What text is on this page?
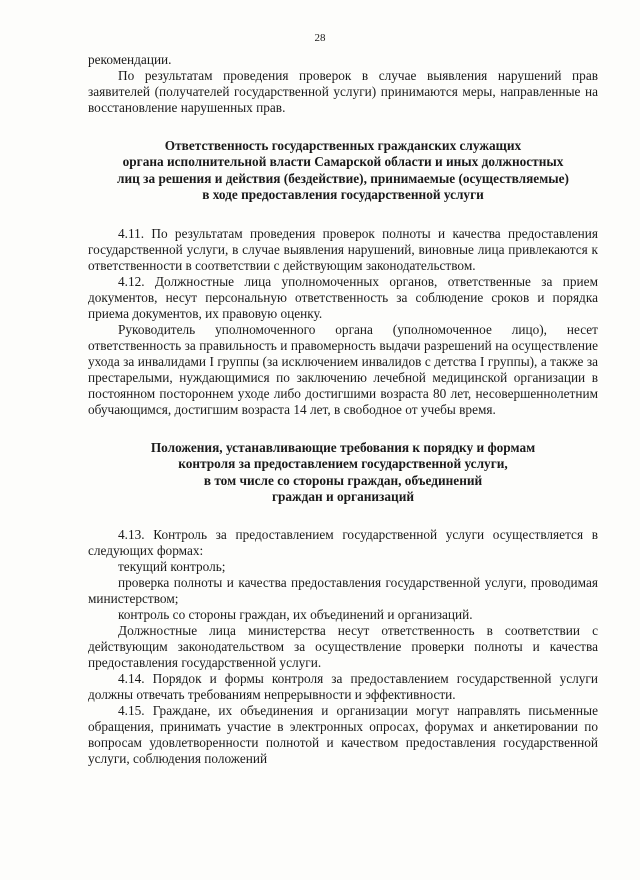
28

рекомендации.

По результатам проведения проверок в случае выявления нарушений прав заявителей (получателей государственной услуги) принимаются меры, направленные на восстановление нарушенных прав.

Ответственность государственных гражданских служащих
органа исполнительной власти Самарской области и иных должностных
лиц за решения и действия (бездействие), принимаемые (осуществляемые)
в ходе предоставления государственной услуги

4.11. По результатам проведения проверок полноты и качества предоставления государственной услуги, в случае выявления нарушений, виновные лица привлекаются к ответственности в соответствии с действующим законодательством.

4.12. Должностные лица уполномоченных органов, ответственные за прием документов, несут персональную ответственность за соблюдение сроков и порядка приема документов, их правовую оценку.

Руководитель уполномоченного органа (уполномоченное лицо), несет ответственность за правильность и правомерность выдачи разрешений на осуществление ухода за инвалидами I группы (за исключением инвалидов с детства I группы), а также за престарелыми, нуждающимися по заключению лечебной медицинской организации в постоянном постороннем уходе либо достигшими возраста 80 лет, несовершеннолетним обучающимся, достигшим возраста 14 лет, в свободное от учебы время.

Положения, устанавливающие требования к порядку и формам
контроля за предоставлением государственной услуги,
в том числе со стороны граждан, объединений
граждан и организаций

4.13. Контроль за предоставлением государственной услуги осуществляется в следующих формах:

текущий контроль;

проверка полноты и качества предоставления государственной услуги, проводимая министерством;

контроль со стороны граждан, их объединений и организаций.

Должностные лица министерства несут ответственность в соответствии с действующим законодательством за осуществление проверки полноты и качества предоставления государственной услуги.

4.14. Порядок и формы контроля за предоставлением государственной услуги должны отвечать требованиям непрерывности и эффективности.

4.15. Граждане, их объединения и организации могут направлять письменные обращения, принимать участие в электронных опросах, форумах и анкетировании по вопросам удовлетворенности полнотой и качеством предоставления государственной услуги, соблюдения положений
